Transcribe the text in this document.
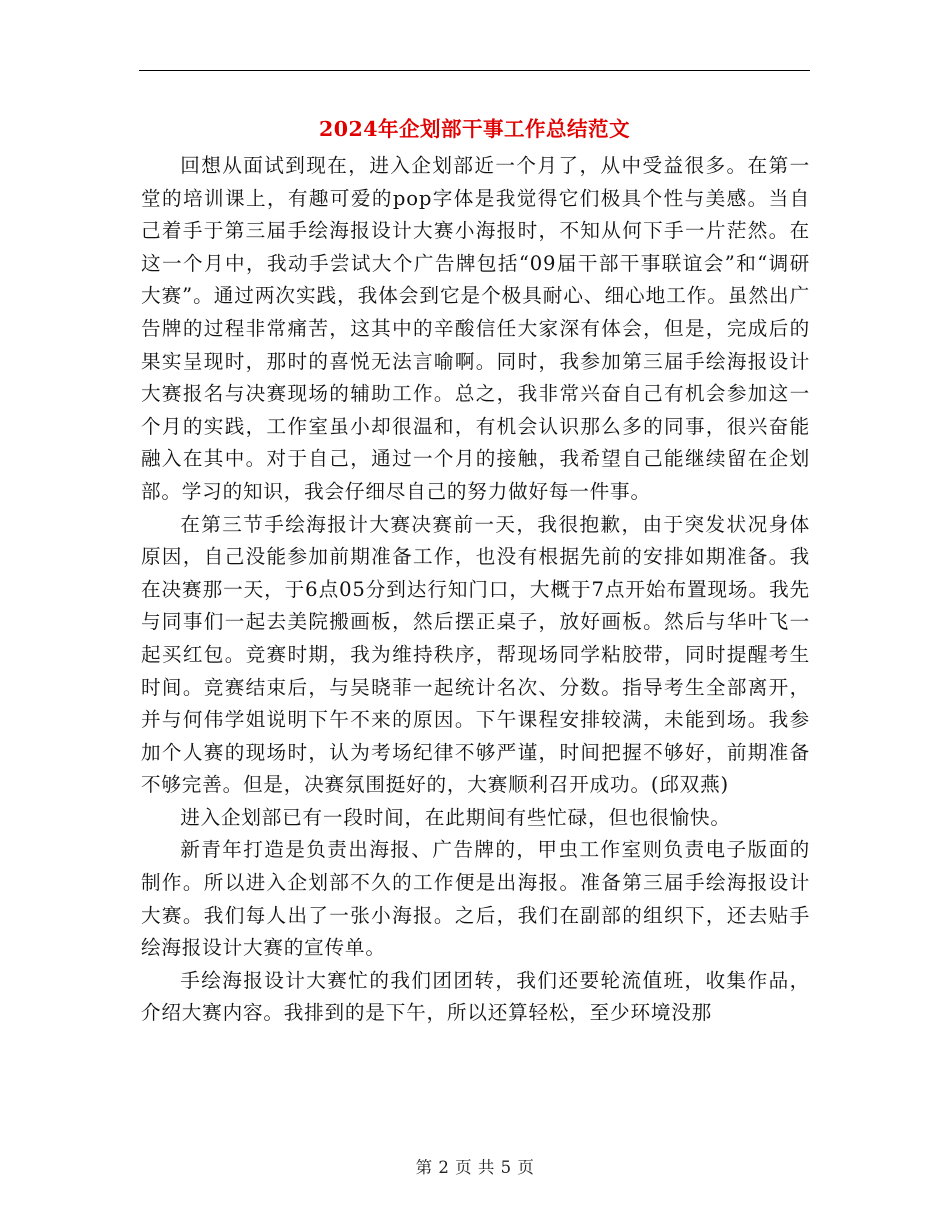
2024年企划部干事工作总结范文

回想从面试到现在，进入企划部近一个月了，从中受益很多。在第一堂的培训课上，有趣可爱的pop字体是我觉得它们极具个性与美感。当自己着手于第三届手绘海报设计大赛小海报时，不知从何下手一片茫然。在这一个月中，我动手尝试大个广告牌包括“09届干部干事联谊会”和“调研大赛”。通过两次实践，我体会到它是个极具耐心、细心地工作。虽然出广告牌的过程非常痛苦，这其中的辛酸信任大家深有体会，但是，完成后的果实呈现时，那时的喜悦无法言喻啊。同时，我参加第三届手绘海报设计大赛报名与决赛现场的辅助工作。总之，我非常兴奋自己有机会参加这一个月的实践，工作室虽小却很温和，有机会认识那么多的同事，很兴奋能融入在其中。对于自己，通过一个月的接触，我希望自己能继续留在企划部。学习的知识，我会仔细尽自己的努力做好每一件事。

在第三节手绘海报计大赛决赛前一天，我很抱歉，由于突发状况身体原因，自己没能参加前期准备工作，也没有根据先前的安排如期准备。我在决赛那一天，于6点05分到达行知门口，大概于7点开始布置现场。我先与同事们一起去美院搬画板，然后摆正桌子，放好画板。然后与华叶飞一起买红包。竞赛时期，我为维持秩序，帮现场同学粘胶带，同时提醒考生时间。竞赛结束后，与吴晓菲一起统计名次、分数。指导考生全部离开，并与何伟学姐说明下午不来的原因。下午课程安排较满，未能到场。我参加个人赛的现场时，认为考场纪律不够严谨，时间把握不够好，前期准备不够完善。但是，决赛氛围挺好的，大赛顺利召开成功。(邱双燕)

进入企划部已有一段时间，在此期间有些忙碌，但也很愉快。

新青年打造是负责出海报、广告牌的，甲虫工作室则负责电子版面的制作。所以进入企划部不久的工作便是出海报。准备第三届手绘海报设计大赛。我们每人出了一张小海报。之后，我们在副部的组织下，还去贴手绘海报设计大赛的宣传单。

手绘海报设计大赛忙的我们团团转，我们还要轮流值班，收集作品，介绍大赛内容。我排到的是下午，所以还算轻松，至少环境没那

第 2 页 共 5 页
